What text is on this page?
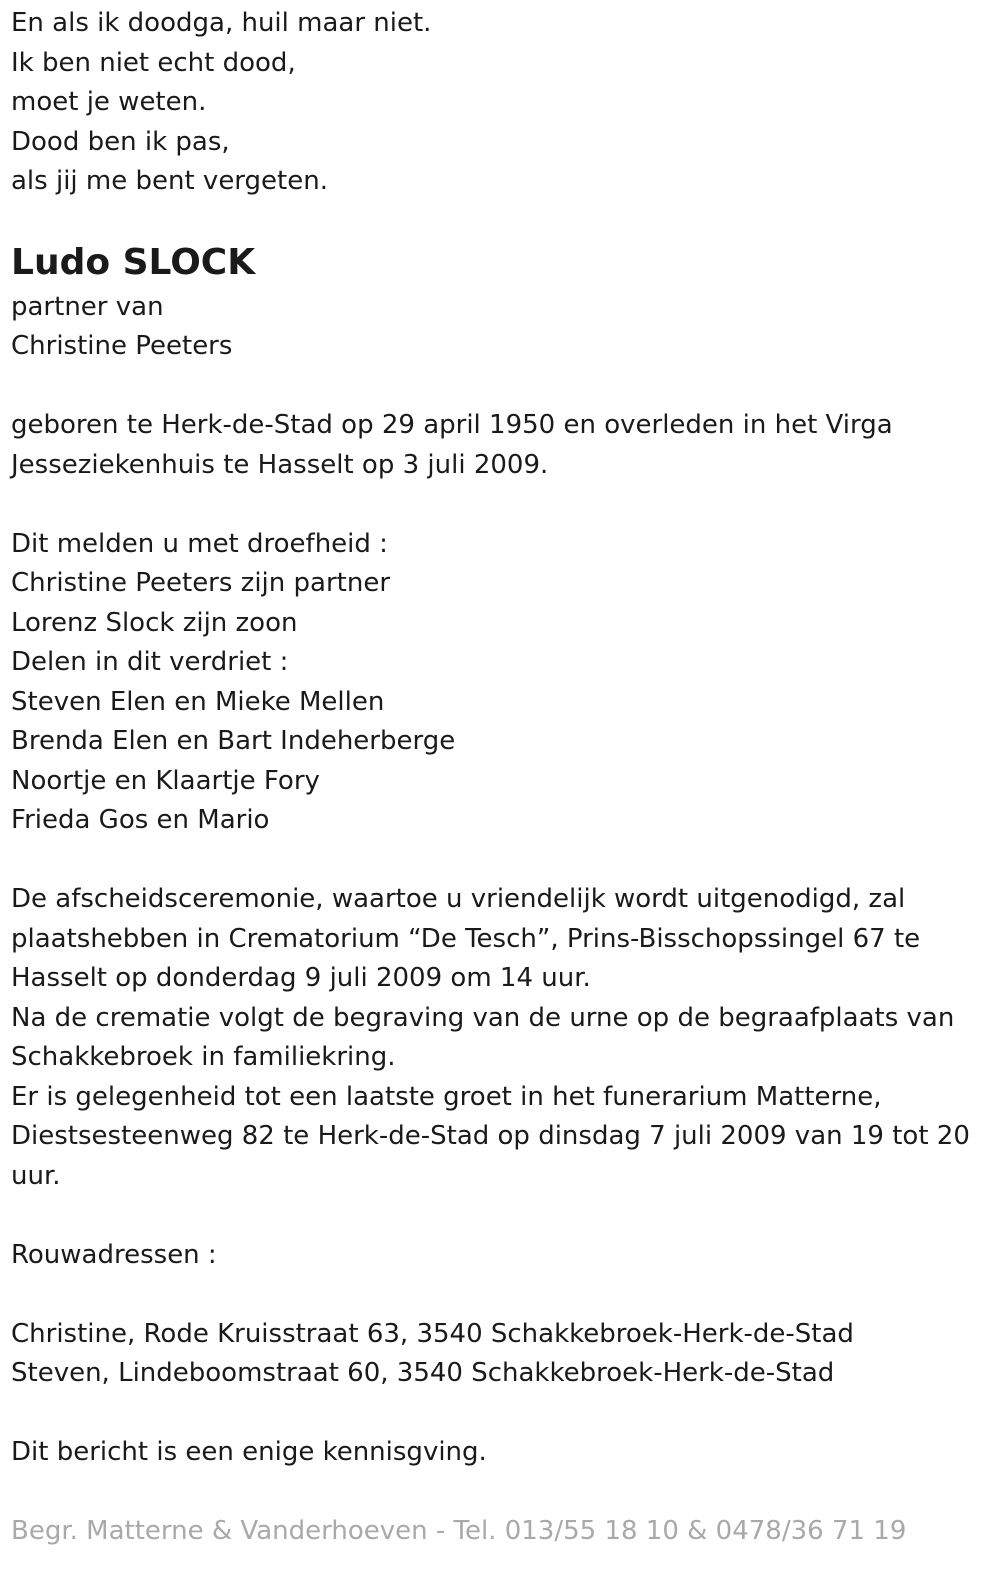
En als ik doodga, huil maar niet.

Ik ben niet echt dood,

moet je weten.

Dood ben ik pas,

als jij me bent vergeten.

Ludo SLOCK

partner van

Christine Peeters

geboren te Herk-de-Stad op 29 april 1950 en overleden in het Virga

Jesseziekenhuis te Hasselt op 3 juli 2009.

Dit melden u met droefheid :

Christine Peeters zijn partner

Lorenz Slock zijn zoon

Delen in dit verdriet :

Steven Elen en Mieke Mellen

Brenda Elen en Bart Indeherberge

Noortje en Klaartje Fory

Frieda Gos en Mario

De afscheidsceremonie, waartoe u vriendelijk wordt uitgenodigd, zal

plaatshebben in Crematorium “De Tesch”, Prins-Bisschopssingel 67 te

Hasselt op donderdag 9 juli 2009 om 14 uur.

Na de crematie volgt de begraving van de urne op de begraafplaats van

Schakkebroek in familiekring.

Er is gelegenheid tot een laatste groet in het funerarium Matterne,

Diestsesteenweg 82 te Herk-de-Stad op dinsdag 7 juli 2009 van 19 tot 20

uur.

Rouwadressen :

Christine, Rode Kruisstraat 63, 3540 Schakkebroek-Herk-de-Stad

Steven, Lindeboomstraat 60, 3540 Schakkebroek-Herk-de-Stad

Dit bericht is een enige kennisgving.

Begr. Matterne & Vanderhoeven - Tel. 013/55 18 10 & 0478/36 71 19
